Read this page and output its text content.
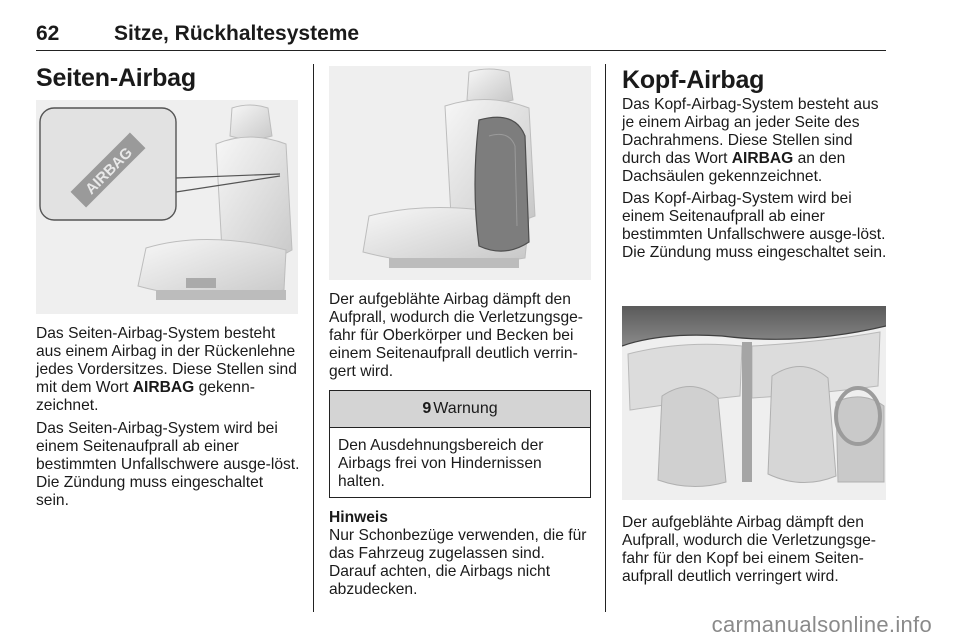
62	Sitze, Rückhaltesysteme
Seiten-Airbag
AIRBAG

Das Seiten-Airbag-System besteht aus einem Airbag in der Rückenlehne jedes Vordersitzes. Diese Stellen sind mit dem Wort AIRBAG gekenn-zeichnet.

Das Seiten-Airbag-System wird bei einem Seitenaufprall ab einer bestimmten Unfallschwere ausge-löst. Die Zündung muss eingeschaltet sein.

Der aufgeblähte Airbag dämpft den Aufprall, wodurch die Verletzungsge-fahr für Oberkörper und Becken bei einem Seitenaufprall deutlich verrin-gert wird.

9 Warnung
Den Ausdehnungsbereich der Airbags frei von Hindernissen halten.
Hinweis

Nur Schonbezüge verwenden, die für das Fahrzeug zugelassen sind. Darauf achten, die Airbags nicht abzudecken.

Kopf-Airbag

Das Kopf-Airbag-System besteht aus je einem Airbag an jeder Seite des Dachrahmens. Diese Stellen sind durch das Wort AIRBAG an den Dachsäulen gekennzeichnet.

Das Kopf-Airbag-System wird bei einem Seitenaufprall ab einer bestimmten Unfallschwere ausge-löst. Die Zündung muss eingeschaltet sein.

Der aufgeblähte Airbag dämpft den Aufprall, wodurch die Verletzungsge-fahr für den Kopf bei einem Seiten-aufprall deutlich verringert wird.

carmanualsonline.info
